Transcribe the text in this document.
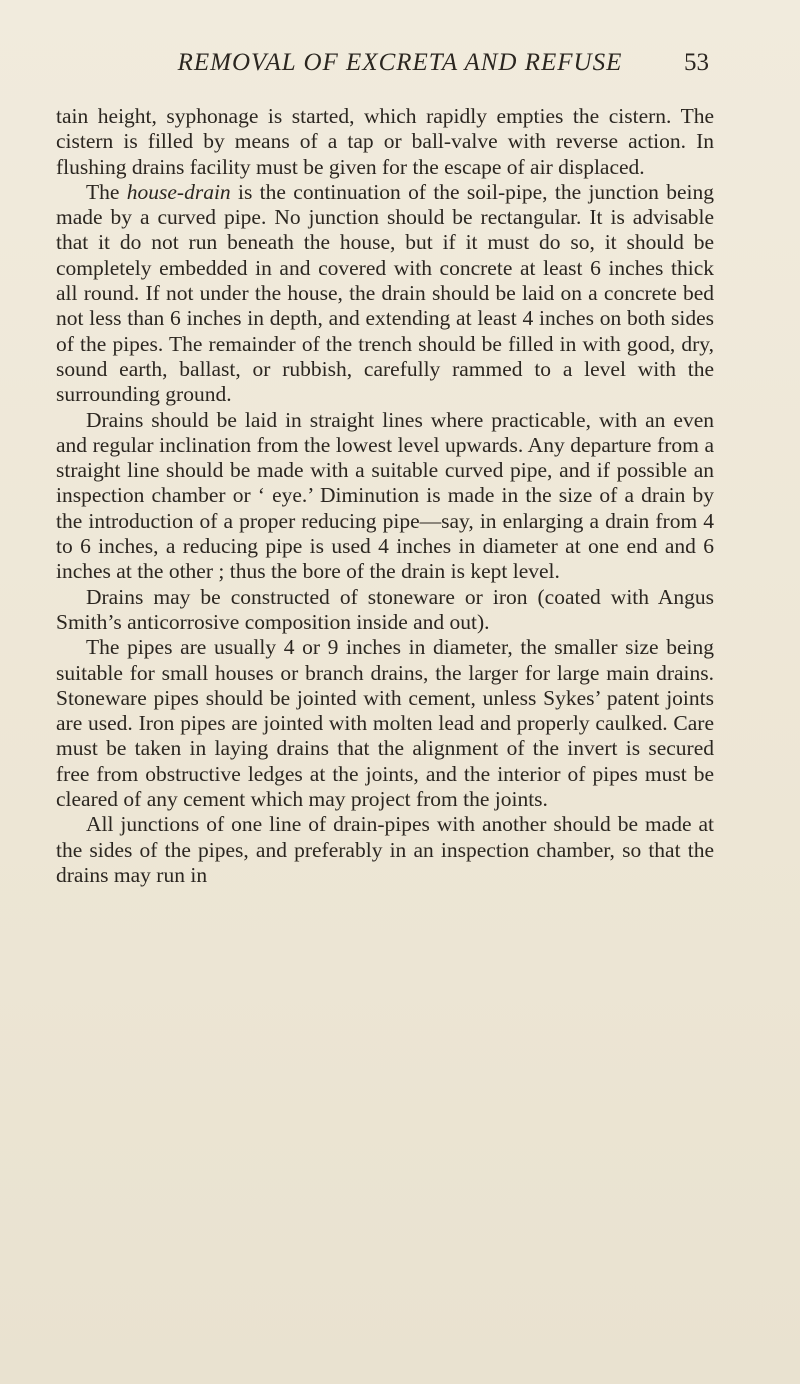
REMOVAL OF EXCRETA AND REFUSE	53

tain height, syphonage is started, which rapidly empties the cistern. The cistern is filled by means of a tap or ball-valve with reverse action. In flushing drains facility must be given for the escape of air displaced.

The house-drain is the continuation of the soil-pipe, the junction being made by a curved pipe. No junction should be rectangular. It is advisable that it do not run beneath the house, but if it must do so, it should be completely embedded in and covered with concrete at least 6 inches thick all round. If not under the house, the drain should be laid on a concrete bed not less than 6 inches in depth, and extending at least 4 inches on both sides of the pipes. The remainder of the trench should be filled in with good, dry, sound earth, ballast, or rubbish, carefully rammed to a level with the surrounding ground.

Drains should be laid in straight lines where practicable, with an even and regular inclination from the lowest level upwards. Any departure from a straight line should be made with a suitable curved pipe, and if possible an inspection chamber or ‘ eye.’ Diminution is made in the size of a drain by the introduction of a proper reducing pipe—say, in enlarging a drain from 4 to 6 inches, a reducing pipe is used 4 inches in diameter at one end and 6 inches at the other ; thus the bore of the drain is kept level.

Drains may be constructed of stoneware or iron (coated with Angus Smith’s anticorrosive composition inside and out).

The pipes are usually 4 or 9 inches in diameter, the smaller size being suitable for small houses or branch drains, the larger for large main drains. Stoneware pipes should be jointed with cement, unless Sykes’ patent joints are used. Iron pipes are jointed with molten lead and properly caulked. Care must be taken in laying drains that the alignment of the invert is secured free from obstructive ledges at the joints, and the interior of pipes must be cleared of any cement which may project from the joints.

All junctions of one line of drain-pipes with another should be made at the sides of the pipes, and preferably in an inspection chamber, so that the drains may run in
